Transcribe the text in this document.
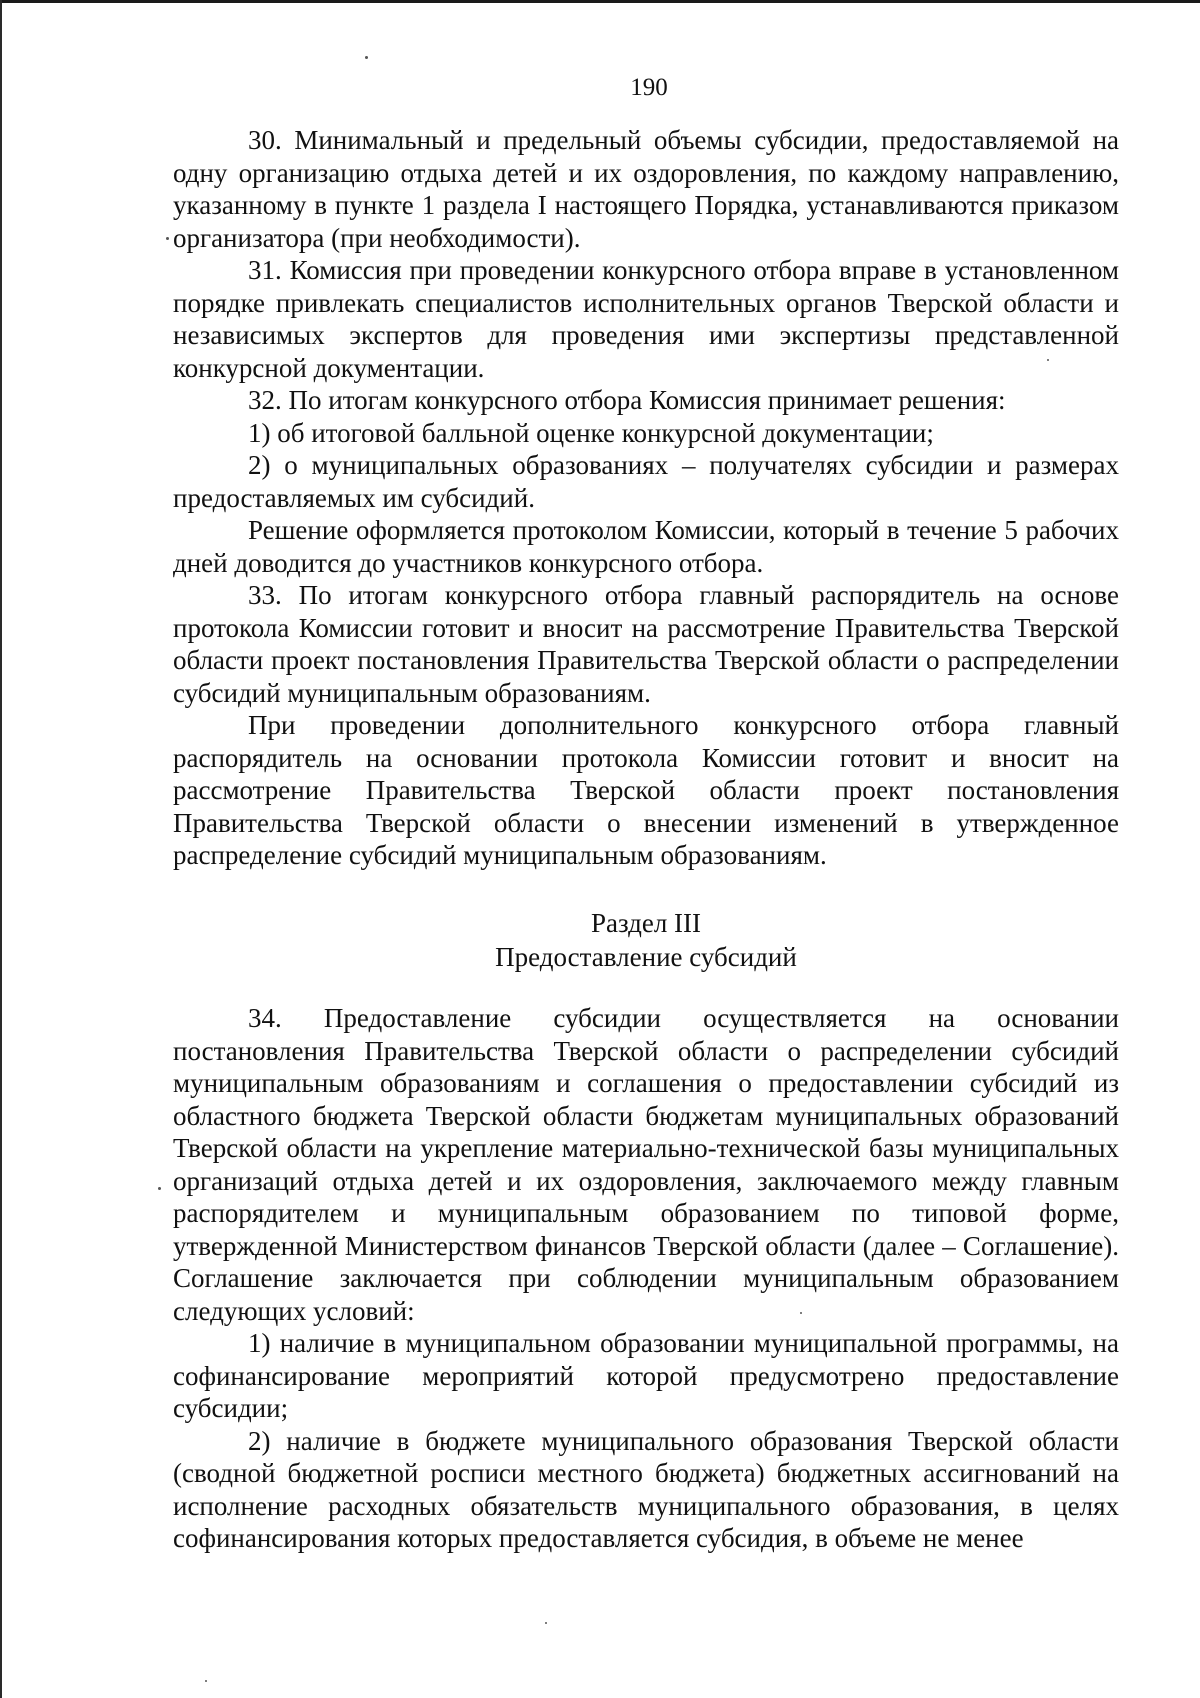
190

30. Минимальный и предельный объемы субсидии, предоставляемой на одну организацию отдыха детей и их оздоровления, по каждому направлению, указанному в пункте 1 раздела I настоящего Порядка, устанавливаются приказом организатора (при необходимости).

31. Комиссия при проведении конкурсного отбора вправе в установленном порядке привлекать специалистов исполнительных органов Тверской области и независимых экспертов для проведения ими экспертизы представленной конкурсной документации.

32. По итогам конкурсного отбора Комиссия принимает решения:

1) об итоговой балльной оценке конкурсной документации;

2) о муниципальных образованиях – получателях субсидии и размерах предоставляемых им субсидий.

Решение оформляется протоколом Комиссии, который в течение 5 рабочих дней доводится до участников конкурсного отбора.

33. По итогам конкурсного отбора главный распорядитель на основе протокола Комиссии готовит и вносит на рассмотрение Правительства Тверской области проект постановления Правительства Тверской области о распределении субсидий муниципальным образованиям.

При проведении дополнительного конкурсного отбора главный распорядитель на основании протокола Комиссии готовит и вносит на рассмотрение Правительства Тверской области проект постановления Правительства Тверской области о внесении изменений в утвержденное распределение субсидий муниципальным образованиям.

Раздел III
Предоставление субсидий

34. Предоставление субсидии осуществляется на основании постановления Правительства Тверской области о распределении субсидий муниципальным образованиям и соглашения о предоставлении субсидий из областного бюджета Тверской области бюджетам муниципальных образований Тверской области на укрепление материально-технической базы муниципальных организаций отдыха детей и их оздоровления, заключаемого между главным распорядителем и муниципальным образованием по типовой форме, утвержденной Министерством финансов Тверской области (далее – Соглашение). Соглашение заключается при соблюдении муниципальным образованием следующих условий:

1) наличие в муниципальном образовании муниципальной программы, на софинансирование мероприятий которой предусмотрено предоставление субсидии;

2) наличие в бюджете муниципального образования Тверской области (сводной бюджетной росписи местного бюджета) бюджетных ассигнований на исполнение расходных обязательств муниципального образования, в целях софинансирования которых предоставляется субсидия, в объеме не менее
